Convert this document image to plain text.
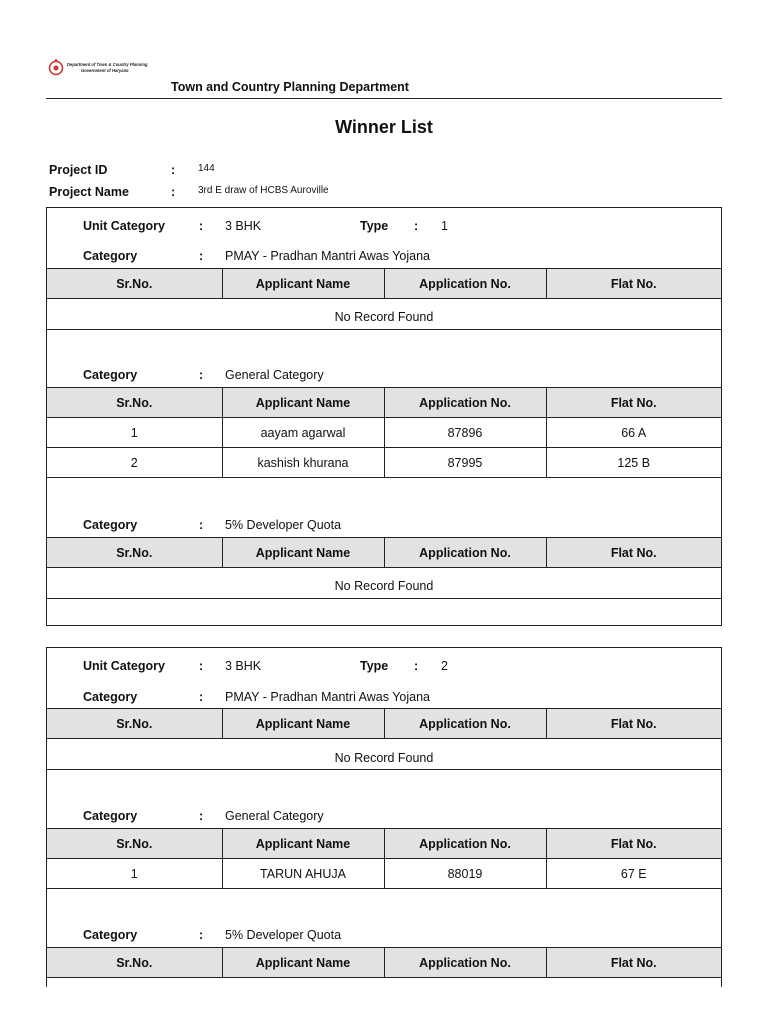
Department of Town & Country Planning
Government of Haryana
Town and Country Planning Department
Winner List
Project ID	: 144
Project Name	: 3rd E draw of HCBS Auroville
Unit Category	: 3 BHK	Type : 1
Category	: PMAY - Pradhan Mantri Awas Yojana
Sr.No.	Applicant Name	Application No.	Flat No.
No Record Found
Category	: General Category
Sr.No.	Applicant Name	Application No.	Flat No.
1	aayam agarwal	87896	66 A
2	kashish khurana	87995	125 B
Category	: 5% Developer Quota
Sr.No.	Applicant Name	Application No.	Flat No.
No Record Found
Unit Category	: 3 BHK	Type : 2
Category	: PMAY - Pradhan Mantri Awas Yojana
Sr.No.	Applicant Name	Application No.	Flat No.
No Record Found
Category	: General Category
Sr.No.	Applicant Name	Application No.	Flat No.
1	TARUN AHUJA	88019	67 E
Category	: 5% Developer Quota
Sr.No.	Applicant Name	Application No.	Flat No.
